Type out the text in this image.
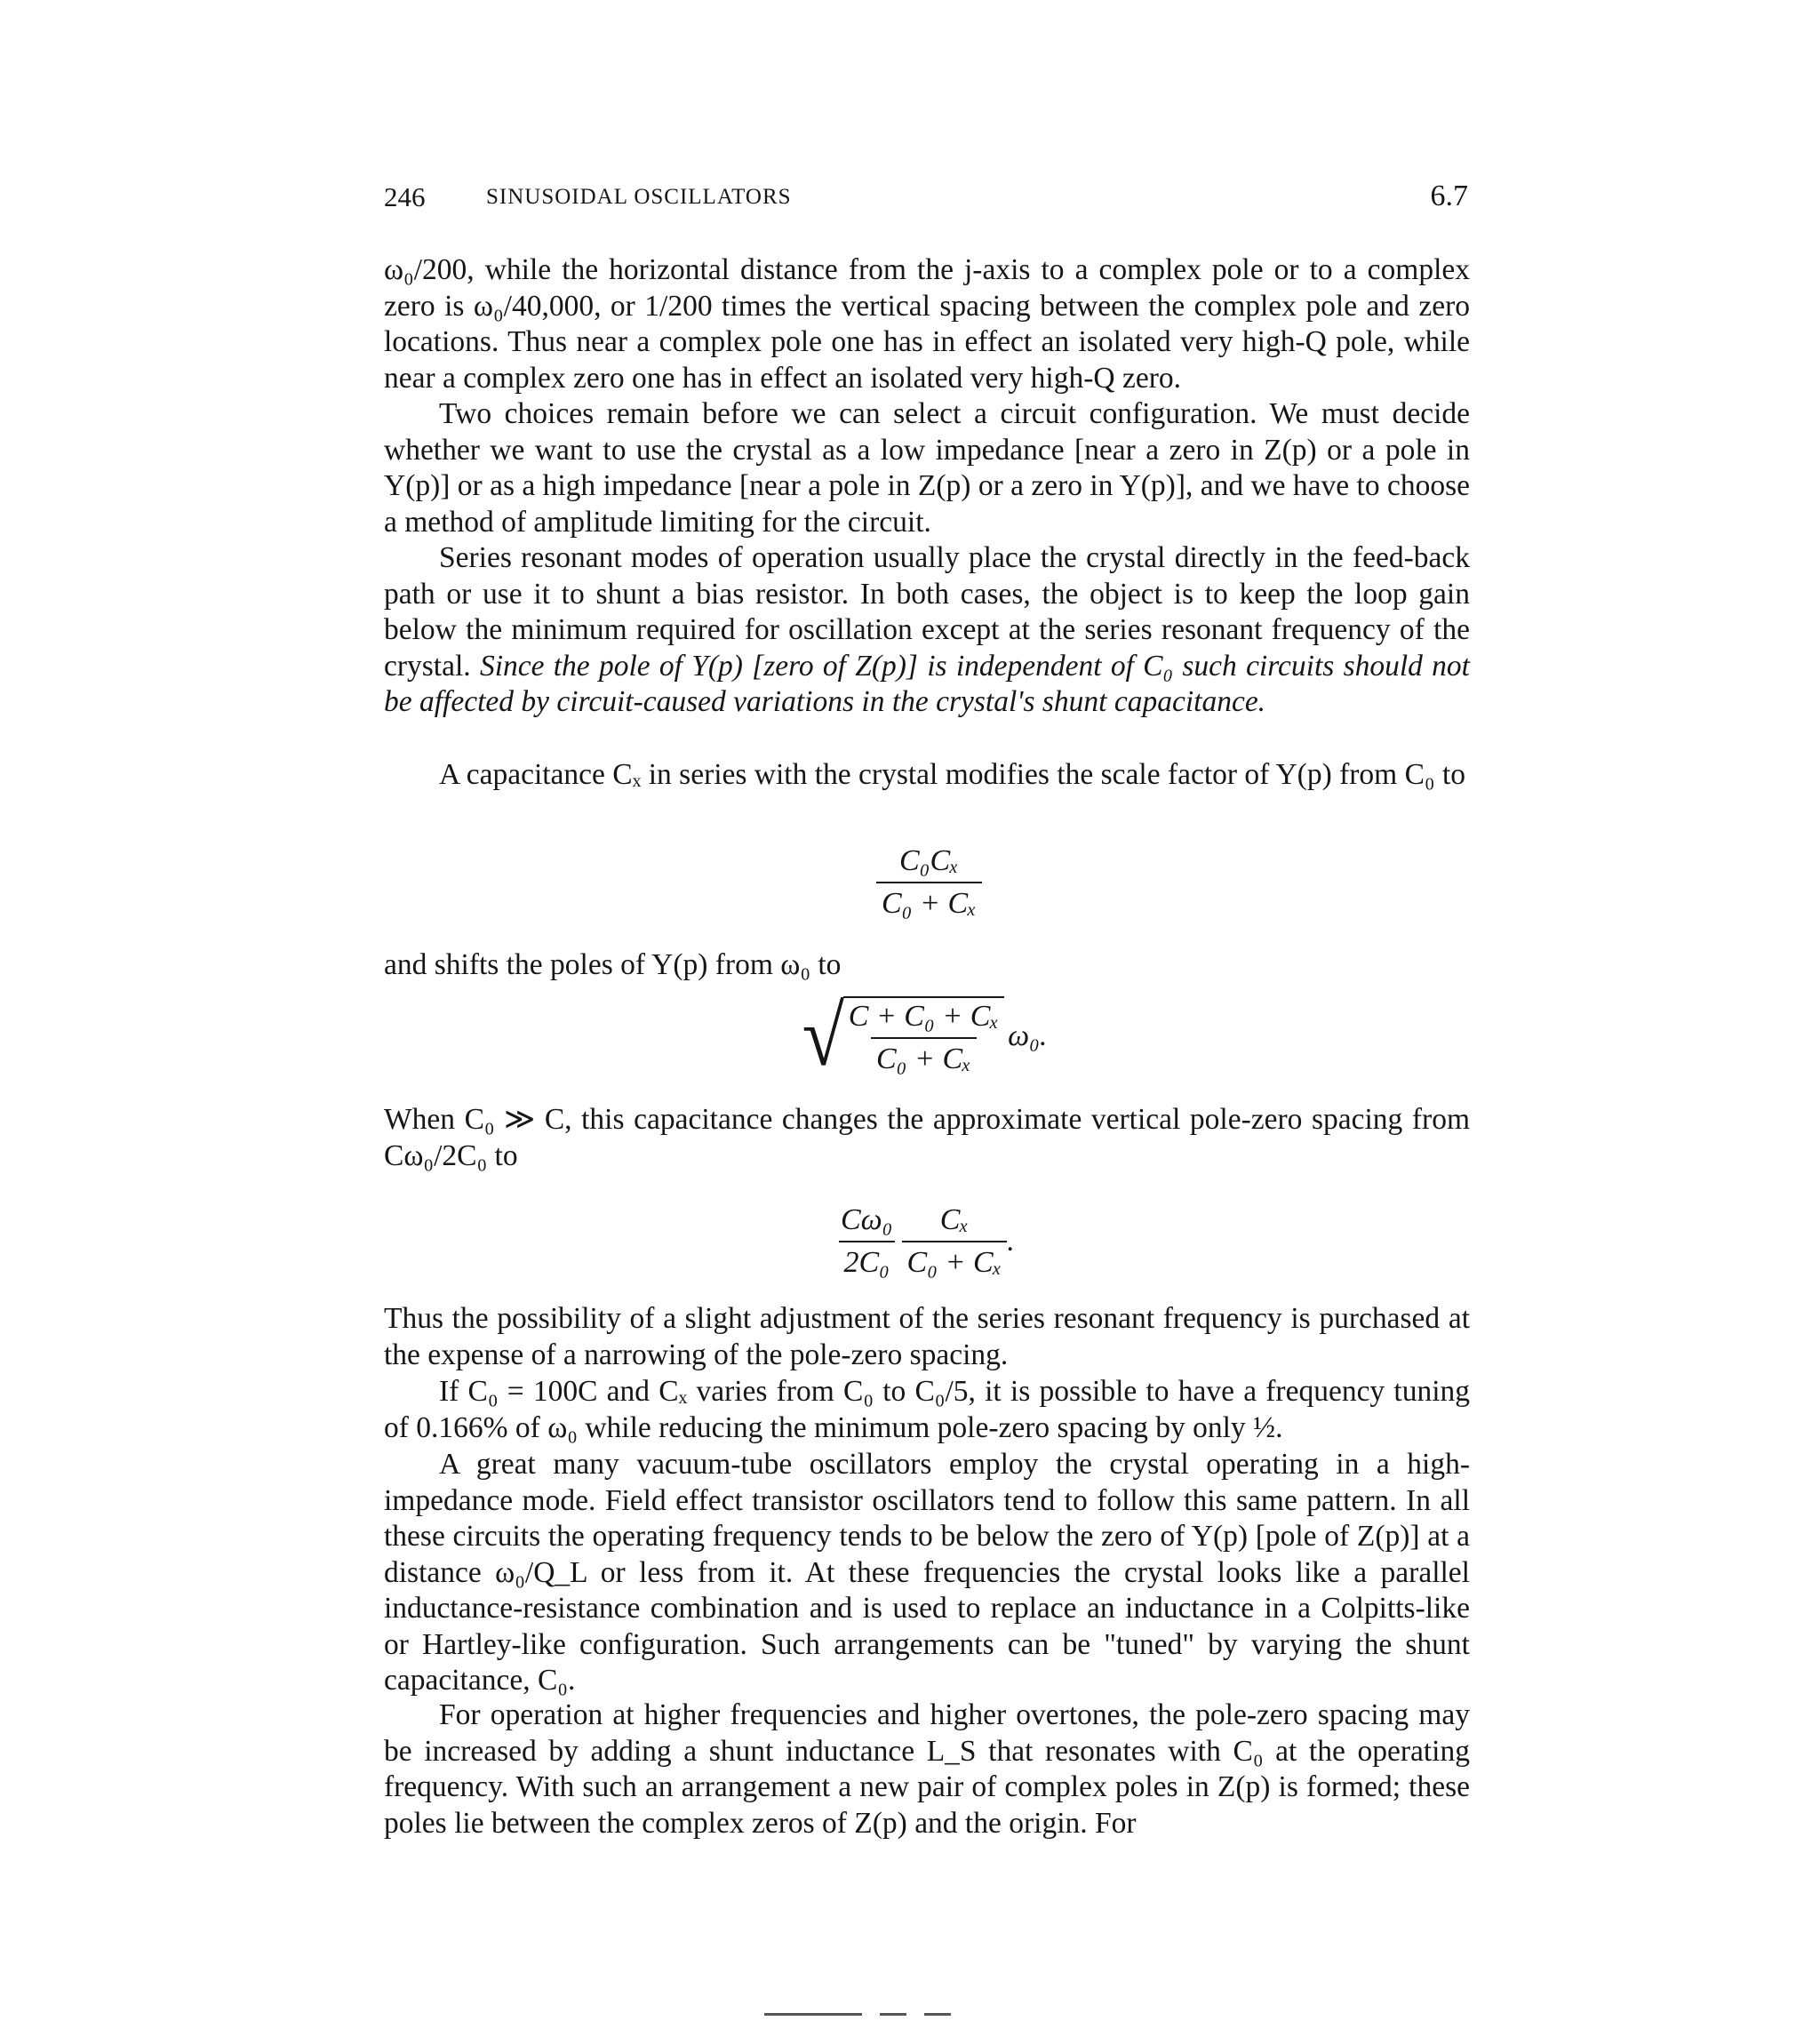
246	SINUSOIDAL OSCILLATORS	6.7

ω₀/200, while the horizontal distance from the j-axis to a complex pole or to a complex zero is ω₀/40,000, or 1/200 times the vertical spacing between the complex pole and zero locations. Thus near a complex pole one has in effect an isolated very high-Q pole, while near a complex zero one has in effect an isolated very high-Q zero.

Two choices remain before we can select a circuit configuration. We must decide whether we want to use the crystal as a low impedance [near a zero in Z(p) or a pole in Y(p)] or as a high impedance [near a pole in Z(p) or a zero in Y(p)], and we have to choose a method of amplitude limiting for the circuit.

Series resonant modes of operation usually place the crystal directly in the feed-back path or use it to shunt a bias resistor. In both cases, the object is to keep the loop gain below the minimum required for oscillation except at the series resonant frequency of the crystal. Since the pole of Y(p) [zero of Z(p)] is independent of C₀ such circuits should not be affected by circuit-caused variations in the crystal's shunt capacitance.

A capacitance Cₓ in series with the crystal modifies the scale factor of Y(p) from C₀ to

$\frac{\text{C₀Cₓ}}{\text{C₀ + Cₓ}}$

and shifts the poles of Y(p) from ω₀ to

√
$\frac{\text{C + C₀ + Cₓ}}{\text{C₀ + Cₓ}} \omega_0$.

When C₀ ≫ C, this capacitance changes the approximate vertical pole-zero spacing from Cω₀/2C₀ to

$\frac{\text{Cω₀}}{\text{2C₀}} \frac{\text{Cₓ}}{\text{C₀ + Cₓ}}$ .

Thus the possibility of a slight adjustment of the series resonant frequency is purchased at the expense of a narrowing of the pole-zero spacing.

If C₀ = 100C and Cₓ varies from C₀ to C₀/5, it is possible to have a frequency tuning of 0.166% of ω₀ while reducing the minimum pole-zero spacing by only ½.

A great many vacuum-tube oscillators employ the crystal operating in a high-impedance mode. Field effect transistor oscillators tend to follow this same pattern. In all these circuits the operating frequency tends to be below the zero of Y(p) [pole of Z(p)] at a distance ω₀/Q_L or less from it. At these frequencies the crystal looks like a parallel inductance-resistance combination and is used to replace an inductance in a Colpitts-like or Hartley-like configuration. Such arrangements can be "tuned" by varying the shunt capacitance, C₀.

For operation at higher frequencies and higher overtones, the pole-zero spacing may be increased by adding a shunt inductance L_S that resonates with C₀ at the operating frequency. With such an arrangement a new pair of complex poles in Z(p) is formed; these poles lie between the complex zeros of Z(p) and the origin. For
